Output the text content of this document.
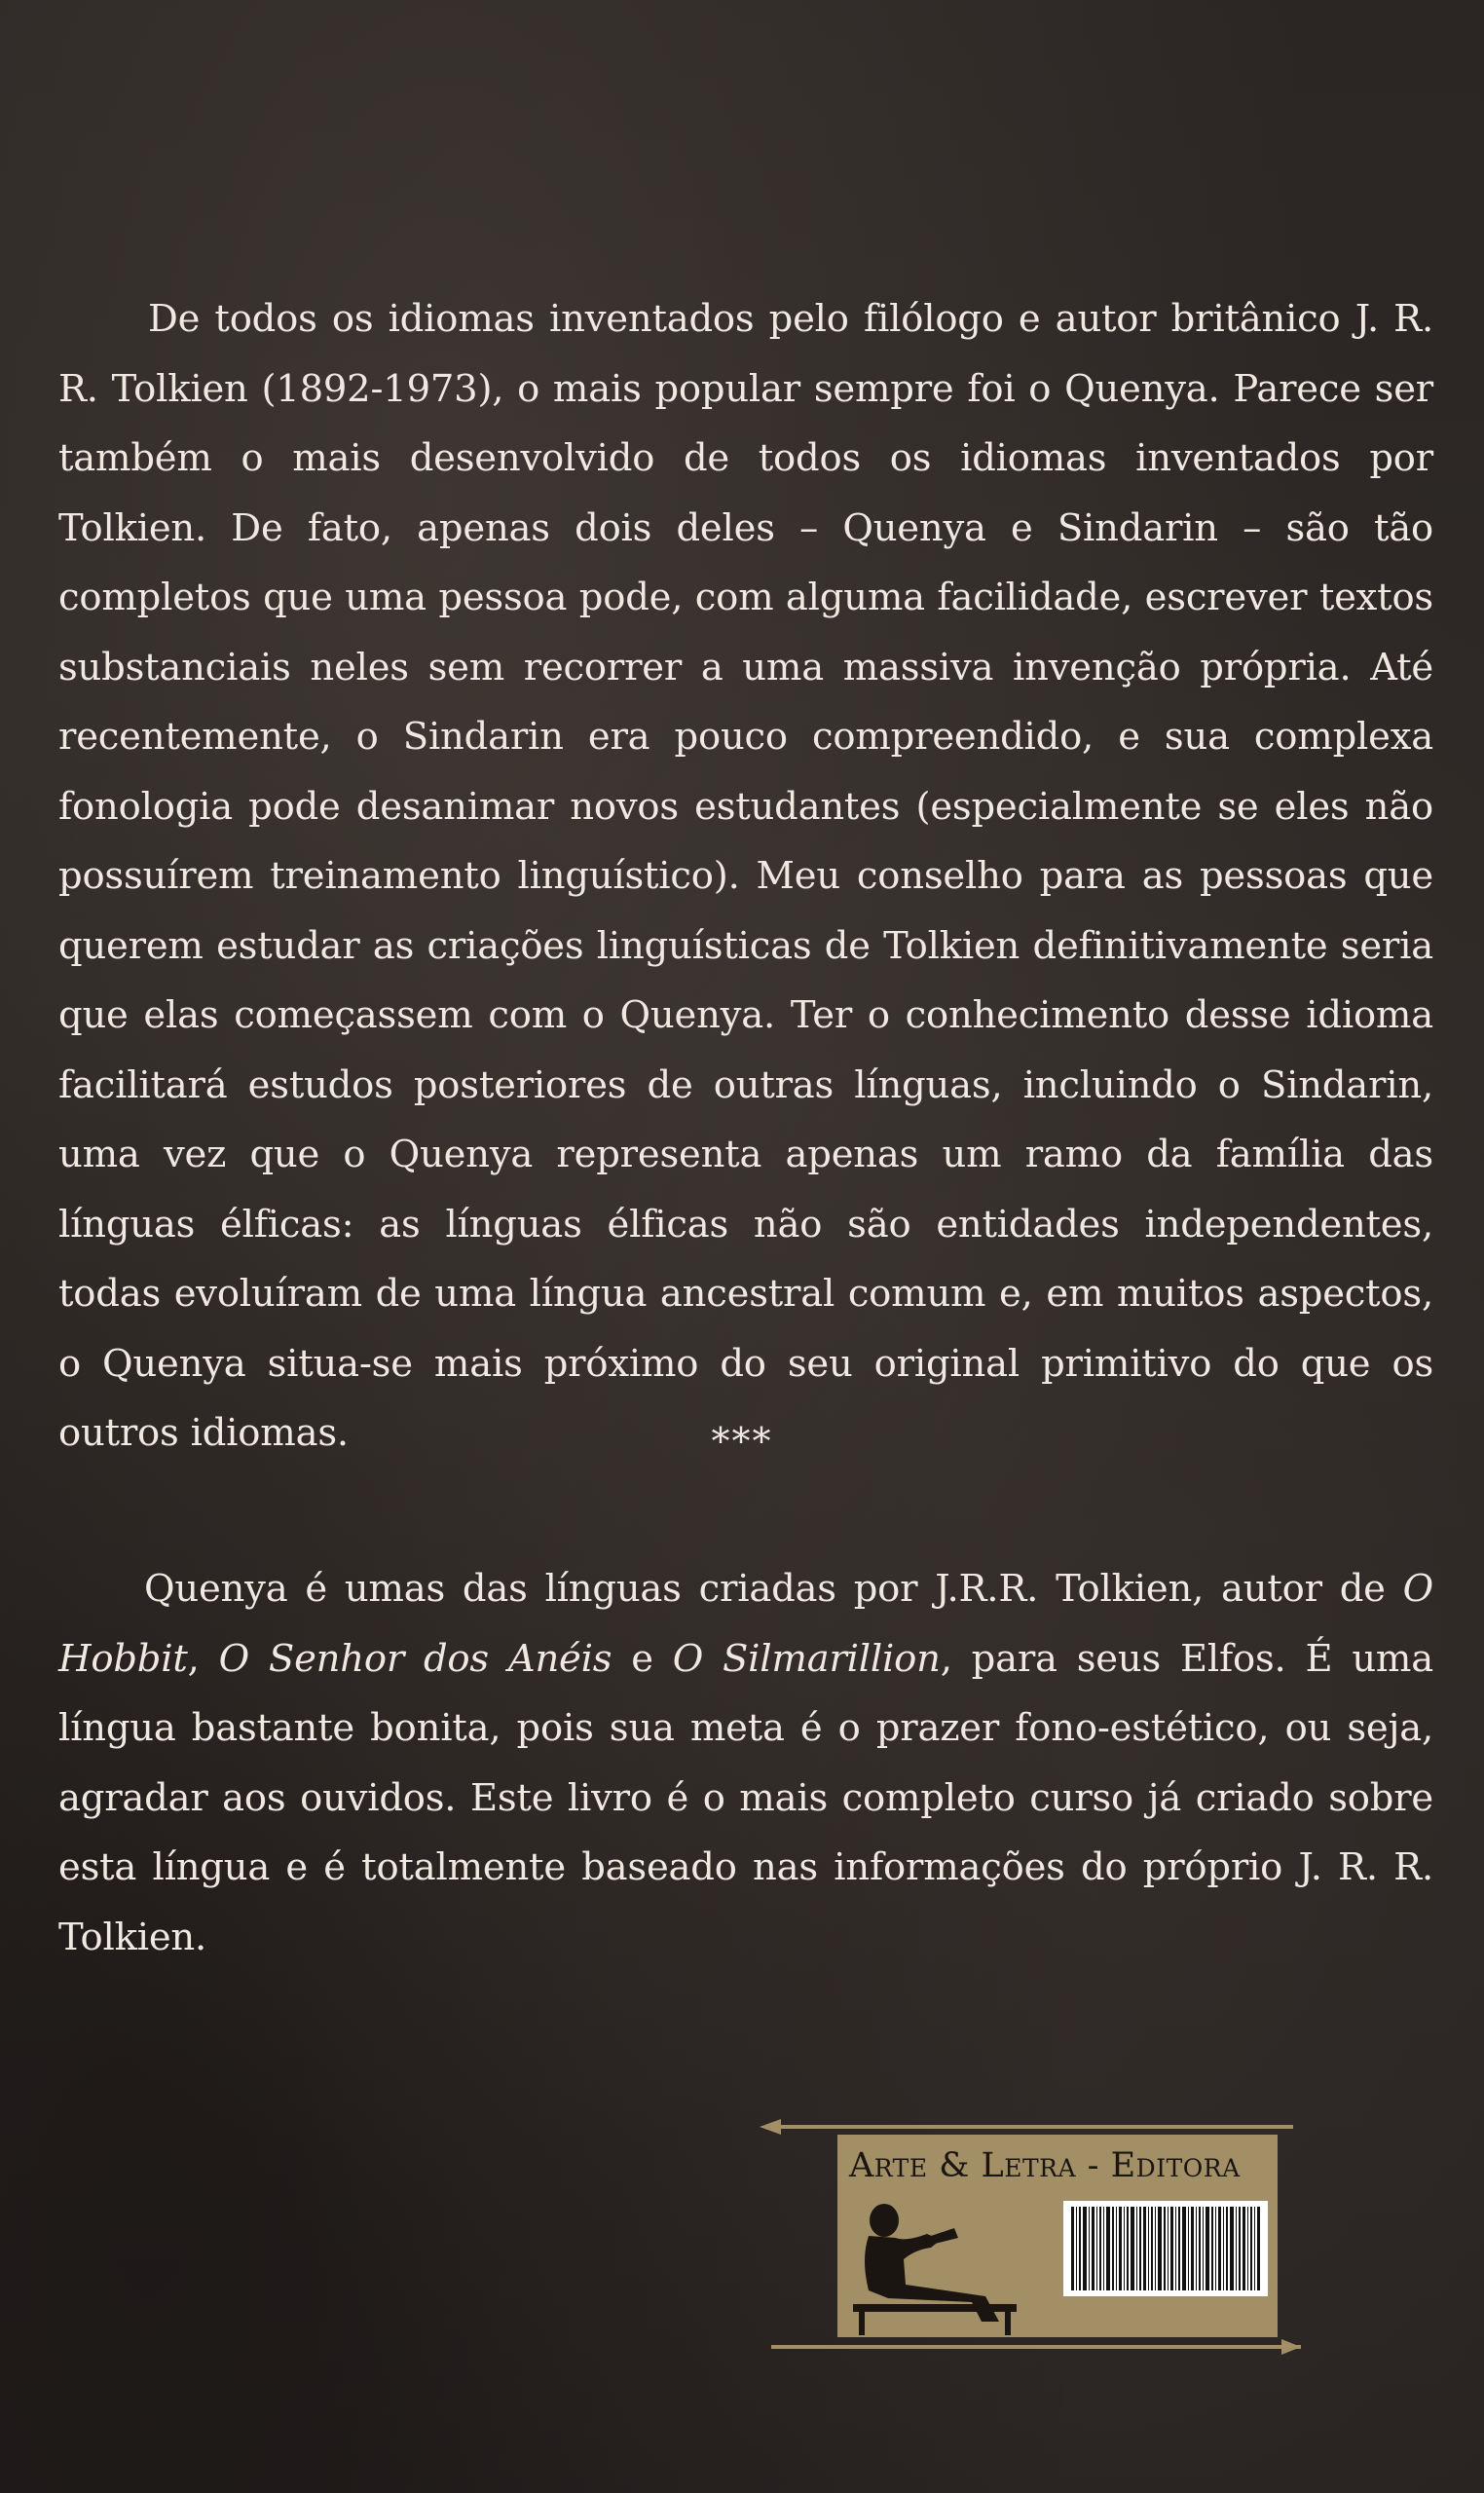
De todos os idiomas inventados pelo filólogo e autor britânico J. R. R. Tolkien (1892-1973), o mais popular sempre foi o Quenya. Parece ser também o mais desenvolvido de todos os idiomas inventados por Tolkien. De fato, apenas dois deles – Quenya e Sindarin – são tão completos que uma pessoa pode, com alguma facilidade, escrever textos substanciais neles sem recorrer a uma massiva invenção própria. Até recentemente, o Sindarin era pouco compreendido, e sua complexa fonologia pode desanimar novos estudantes (especialmente se eles não possuírem treinamento linguístico). Meu conselho para as pessoas que querem estudar as criações linguísticas de Tolkien definitivamente seria que elas começassem com o Quenya. Ter o conhecimento desse idioma facilitará estudos posteriores de outras línguas, incluindo o Sindarin, uma vez que o Quenya representa apenas um ramo da família das línguas élficas: as línguas élficas não são entidades independentes, todas evoluíram de uma língua ancestral comum e, em muitos aspectos, o Quenya situa-se mais próximo do seu original primitivo do que os outros idiomas.	***

Quenya é umas das línguas criadas por J.R.R. Tolkien, autor de O Hobbit, O Senhor dos Anéis e O Silmarillion, para seus Elfos. É uma língua bastante bonita, pois sua meta é o prazer fono-estético, ou seja, agradar aos ouvidos. Este livro é o mais completo curso já criado sobre esta língua e é totalmente baseado nas informações do próprio J. R. R. Tolkien.

Arte & Letra - Editora
